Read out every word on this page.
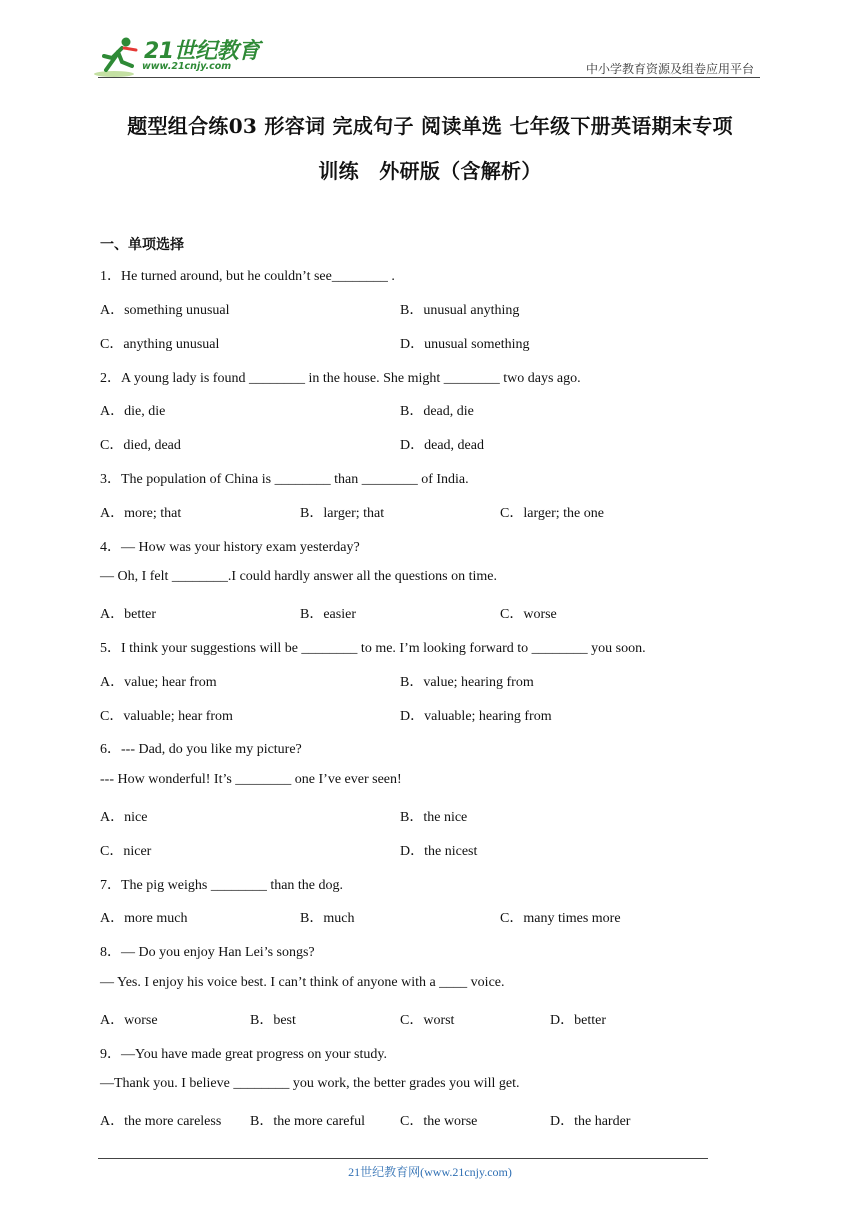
21世纪教育
www.21cnjy.com	中小学教育资源及组卷应用平台
题型组合练03 形容词 完成句子 阅读单选 七年级下册英语期末专项
训练　外研版（含解析）
一、单项选择
1．He turned around, but he couldn’t see________ .
A．something unusual	B．unusual anything
C．anything unusual	D．unusual something
2．A young lady is found ________ in the house. She might ________ two days ago.
A．die, die	B．dead, die
C．died, dead	D．dead, dead
3．The population of China is ________ than ________ of India.
A．more; that	B．larger; that	C．larger; the one
4．— How was your history exam yesterday?
— Oh, I felt ________.I could hardly answer all the questions on time.
A．better	B．easier	C．worse
5．I think your suggestions will be ________ to me. I’m looking forward to ________ you soon.
A．value; hear from	B．value; hearing from
C．valuable; hear from	D．valuable; hearing from
6．--- Dad, do you like my picture?
--- How wonderful! It’s ________ one I’ve ever seen!
A．nice	B．the nice
C．nicer	D．the nicest
7．The pig weighs ________ than the dog.
A．more much	B．much	C．many times more
8．— Do you enjoy Han Lei’s songs?
— Yes. I enjoy his voice best. I can’t think of anyone with a ____ voice.
A．worse	B．best	C．worst	D．better
9．—You have made great progress on your study.
—Thank you. I believe ________ you work, the better grades you will get.
A．the more careless B．the more careful C．the worse	D．the harder
21世纪教育网(www.21cnjy.com)
